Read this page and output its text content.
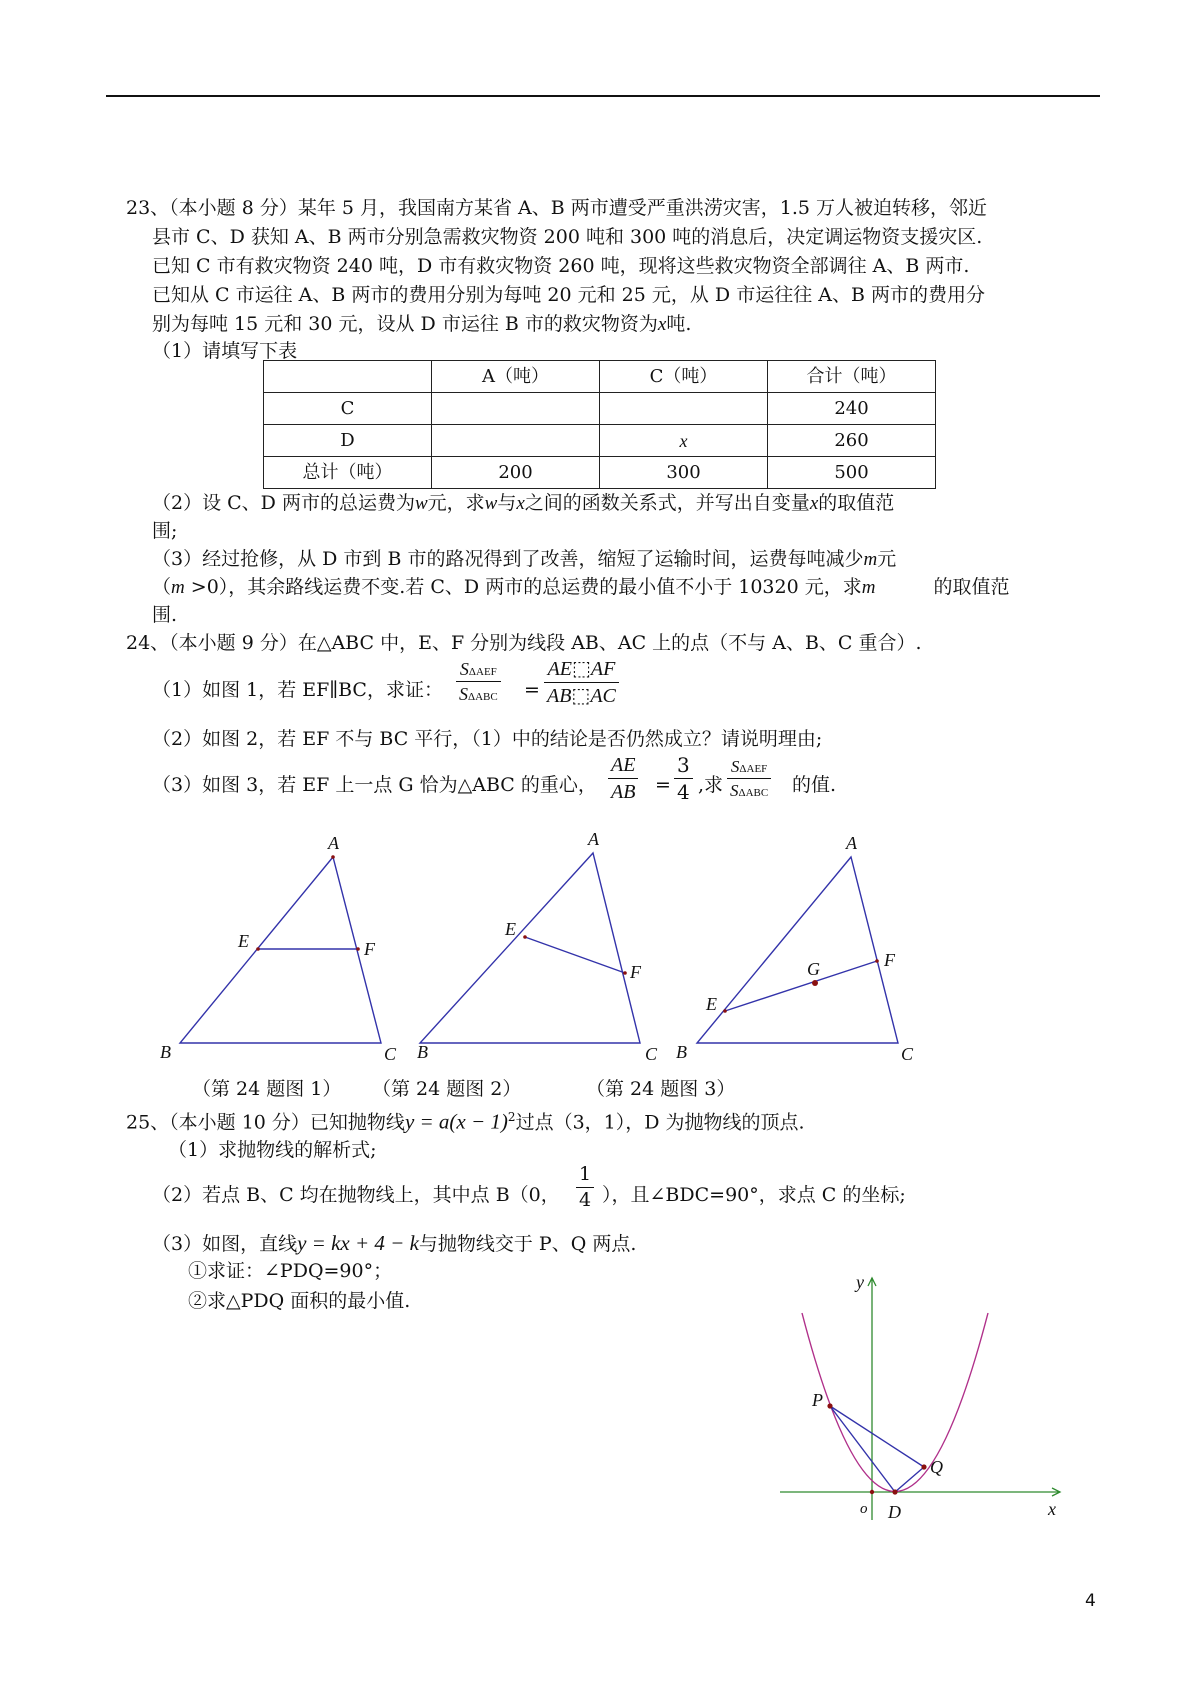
23、（本小题 8 分）某年 5 月，我国南方某省 A、B 两市遭受严重洪涝灾害，1.5 万人被迫转移，邻近
县市 C、D 获知 A、B 两市分别急需救灾物资 200 吨和 300 吨的消息后，决定调运物资支援灾区.
已知 C 市有救灾物资 240 吨，D 市有救灾物资 260 吨，现将这些救灾物资全部调往 A、B 两市.
已知从 C 市运往 A、B 两市的费用分别为每吨 20 元和 25 元，从 D 市运往往 A、B 两市的费用分
别为每吨 15 元和 30 元，设从 D 市运往 B 市的救灾物资为x吨.
（1）请填写下表
	A（吨）	C（吨）	合计（吨）
C			240
D		x	260
总计（吨）	200	300	500
（2）设 C、D 两市的总运费为w元，求w与x之间的函数关系式，并写出自变量x的取值范
围;
（3）经过抢修，从 D 市到 B 市的路况得到了改善，缩短了运输时间，运费每吨减少m元
（m >0），其余路线运费不变.若 C、D 两市的总运费的最小值不小于 10320 元，求m	的取值范
围.
24、（本小题 9 分）在△ABC 中，E、F 分别为线段 AB、AC 上的点（不与 A、B、C 重合）.
（1）如图 1，若 EF∥BC，求证：
SΔAEF
$S\Delta ABC = \frac{AE⬚AF}{AB⬚AC}$
（2）如图 2，若 EF 不与 BC 平行，（1）中的结论是否仍然成立？请说明理由;
（3）如图 3，若 EF 上一点 G 恰为△ABC 的重心， $\frac{AE}{AB} = \frac{3}{4}$ ,求
SΔAEF
SΔABC 的值.
A
E	F
B	C
A
E
F
B	C
A
E
G	F
B	C
（第 24 题图 1） （第 24 题图 2）	（第 24 题图 3）
25、（本小题 10 分）已知抛物线$y = a(x - 1)^2$过点（3，1），D 为抛物线的顶点.
（1）求抛物线的解析式;
（2）若点 B、C 均在抛物线上，其中点 B（0， $\frac{1}{4}$ ），且∠BDC=90°，求点 C 的坐标;
（3）如图，直线y = kx + 4 − k与抛物线交于 P、Q 两点.
①求证：∠PDQ=90°；
②求△PDQ 面积的最小值.
y
x
o
P
Q
D
4
